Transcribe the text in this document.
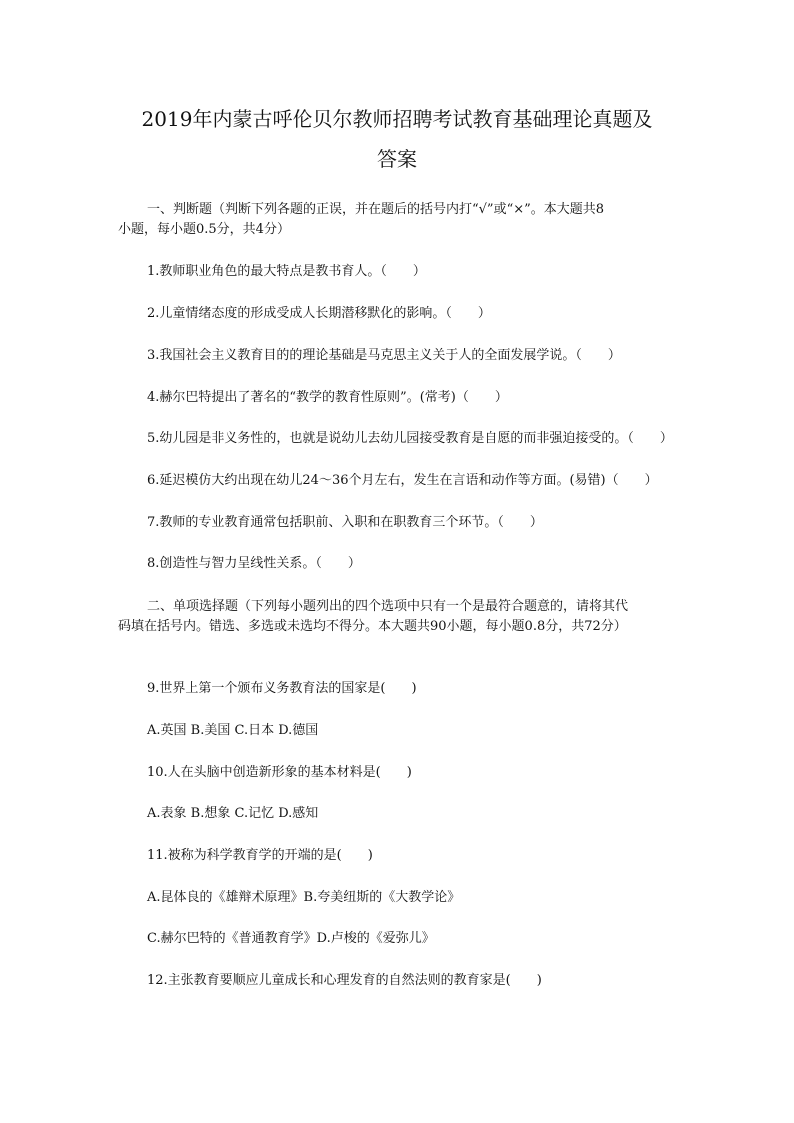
2019年内蒙古呼伦贝尔教师招聘考试教育基础理论真题及
答案
一、判断题（判断下列各题的正误，并在题后的括号内打“√”或“×”。本大题共8
小题，每小题0.5分，共4分）
1.教师职业角色的最大特点是教书育人。（　　）
2.儿童情绪态度的形成受成人长期潜移默化的影响。（　　）
3.我国社会主义教育目的的理论基础是马克思主义关于人的全面发展学说。（　　）
4.赫尔巴特提出了著名的“教学的教育性原则”。(常考)（　　）
5.幼儿园是非义务性的，也就是说幼儿去幼儿园接受教育是自愿的而非强迫接受的。（　　）
6.延迟模仿大约出现在幼儿24～36个月左右，发生在言语和动作等方面。(易错)（　　）
7.教师的专业教育通常包括职前、入职和在职教育三个环节。（　　）
8.创造性与智力呈线性关系。（　　）
二、单项选择题（下列每小题列出的四个选项中只有一个是最符合题意的，请将其代
码填在括号内。错选、多选或未选均不得分。本大题共90小题，每小题0.8分，共72分）
9.世界上第一个颁布义务教育法的国家是(　　)
A.英国 B.美国 C.日本 D.德国
10.人在头脑中创造新形象的基本材料是(　　)
A.表象 B.想象 C.记忆 D.感知
11.被称为科学教育学的开端的是(　　)
A.昆体良的《雄辩术原理》B.夸美纽斯的《大教学论》
C.赫尔巴特的《普通教育学》D.卢梭的《爱弥儿》
12.主张教育要顺应儿童成长和心理发育的自然法则的教育家是(　　)
